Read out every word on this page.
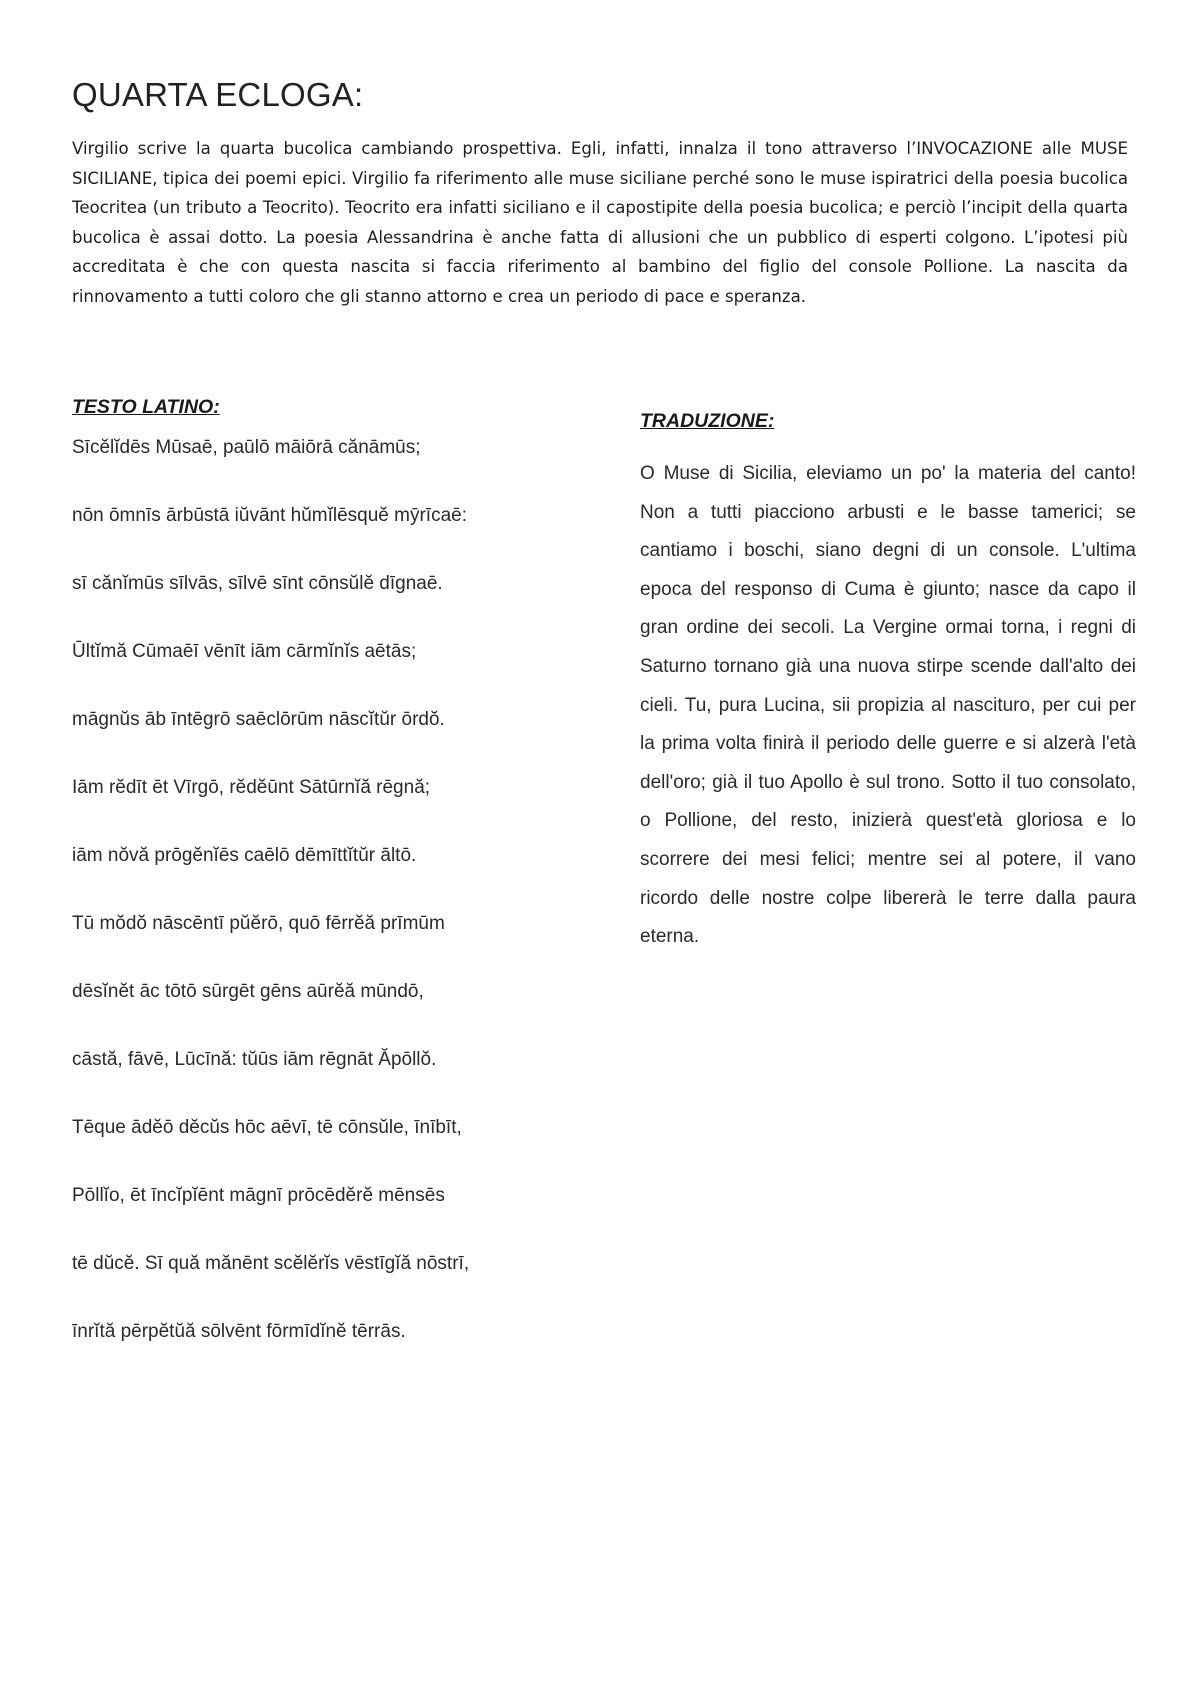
QUARTA ECLOGA:

Virgilio scrive la quarta bucolica cambiando prospettiva. Egli, infatti, innalza il tono attraverso l’INVOCAZIONE alle MUSE SICILIANE, tipica dei poemi epici. Virgilio fa riferimento alle muse siciliane perché sono le muse ispiratrici della poesia bucolica Teocritea (un tributo a Teocrito). Teocrito era infatti siciliano e il capostipite della poesia bucolica; e perciò l’incipit della quarta bucolica è assai dotto. La poesia Alessandrina è anche fatta di allusioni che un pubblico di esperti colgono. L’ipotesi più accreditata è che con questa nascita si faccia riferimento al bambino del figlio del console Pollione. La nascita da rinnovamento a tutti coloro che gli stanno attorno e crea un periodo di pace e speranza.

TESTO LATINO:
Sīcĕlĭdēs Mūsaē, paūlō māiōrā cănāmūs;
nōn ōmnīs ārbūstā iŭvānt hŭmĭlēsquĕ mȳrīcaē:
sī cănĭmūs sīlvās, sīlvē sīnt cōnsŭlĕ dīgnaē.
Ūltĭmă Cūmaēī vēnīt iām cārmĭnĭs aētās;
māgnŭs āb īntēgrō saēclōrūm nāscĭtŭr ōrdŏ.
Iām rĕdīt ēt Vīrgō, rĕdĕūnt Sātūrnĭă rēgnă;
iām nŏvă prōgĕnĭēs caēlō dēmīttĭtŭr āltō.
Tū mŏdŏ nāscēntī pŭĕrō, quō fērrĕă prīmūm
dēsĭnĕt āc tōtō sūrgēt gēns aūrĕă mūndō,
cāstă, fāvē, Lūcīnă: tŭūs iām rēgnāt Ăpōllŏ.
Tēque ādĕō dĕcŭs hōc aēvī, tē cōnsŭle, īnībīt,
Pōllĭo, ēt īncĭpĭēnt māgnī prōcēdĕrĕ mēnsēs
tē dŭcĕ. Sī quă mănēnt scĕlĕrĭs vēstīgĭă nōstrī,
īnrĭtă pērpĕtŭă sōlvēnt fōrmīdĭnĕ tērrās.
TRADUZIONE:

O Muse di Sicilia, eleviamo un po' la materia del canto! Non a tutti piacciono arbusti e le basse tamerici; se cantiamo i boschi, siano degni di un console. L'ultima epoca del responso di Cuma è giunto; nasce da capo il gran ordine dei secoli. La Vergine ormai torna, i regni di Saturno tornano già una nuova stirpe scende dall'alto dei cieli. Tu, pura Lucina, sii propizia al nascituro, per cui per la prima volta finirà il periodo delle guerre e si alzerà l'età dell'oro; già il tuo Apollo è sul trono. Sotto il tuo consolato, o Pollione, del resto, inizierà quest'età gloriosa e lo scorrere dei mesi felici; mentre sei al potere, il vano ricordo delle nostre colpe libererà le terre dalla paura eterna.
